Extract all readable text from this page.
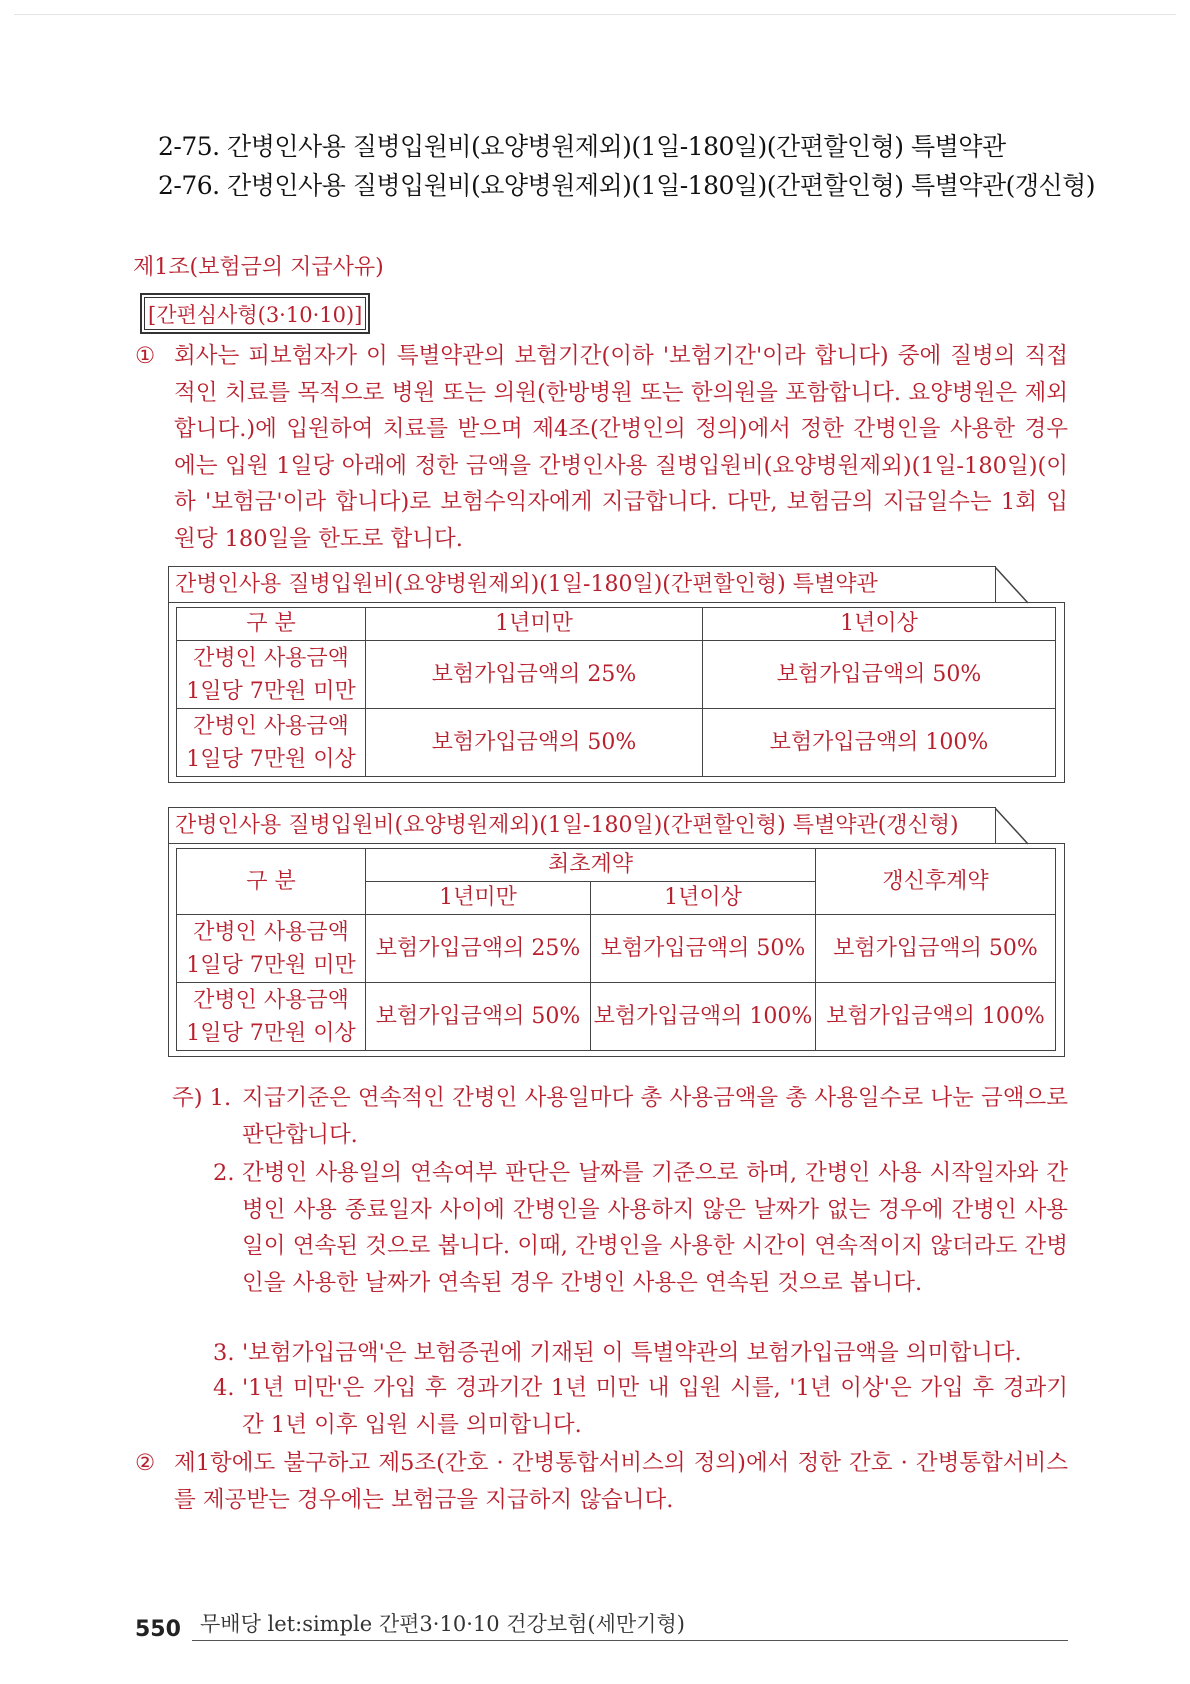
2-75. 간병인사용 질병입원비(요양병원제외)(1일-180일)(간편할인형) 특별약관
2-76. 간병인사용 질병입원비(요양병원제외)(1일-180일)(간편할인형) 특별약관(갱신형)
제1조(보험금의 지급사유)
[간편심사형(3·10·10)]
① 회사는 피보험자가 이 특별약관의 보험기간(이하 '보험기간'이라 합니다) 중에 질병의 직접적인 치료를 목적으로 병원 또는 의원(한방병원 또는 한의원을 포함합니다. 요양병원은 제외합니다.)에 입원하여 치료를 받으며 제4조(간병인의 정의)에서 정한 간병인을 사용한 경우에는 입원 1일당 아래에 정한 금액을 간병인사용 질병입원비(요양병원제외)(1일-180일)(이하 '보험금'이라 합니다)로 보험수익자에게 지급합니다. 다만, 보험금의 지급일수는 1회 입원당 180일을 한도로 합니다.
간병인사용 질병입원비(요양병원제외)(1일-180일)(간편할인형) 특별약관
구 분	1년미만	1년이상

간병인 사용금액
1일당 7만원 미만	보험가입금액의 25%	보험가입금액의 50%

간병인 사용금액
1일당 7만원 이상	보험가입금액의 50%	보험가입금액의 100%
간병인사용 질병입원비(요양병원제외)(1일-180일)(간편할인형) 특별약관(갱신형)
구 분	최초계약		갱신후계약
	1년미만	1년이상	

간병인 사용금액
1일당 7만원 미만	보험가입금액의 25%	보험가입금액의 50%	보험가입금액의 50%

간병인 사용금액
1일당 7만원 이상	보험가입금액의 50%	보험가입금액의 100%	보험가입금액의 100%
주) 1. 지급기준은 연속적인 간병인 사용일마다 총 사용금액을 총 사용일수로 나눈 금액으로 판단합니다.
2. 간병인 사용일의 연속여부 판단은 날짜를 기준으로 하며, 간병인 사용 시작일자와 간병인 사용 종료일자 사이에 간병인을 사용하지 않은 날짜가 없는 경우에 간병인 사용일이 연속된 것으로 봅니다. 이때, 간병인을 사용한 시간이 연속적이지 않더라도 간병인을 사용한 날짜가 연속된 경우 간병인 사용은 연속된 것으로 봅니다.
3. '보험가입금액'은 보험증권에 기재된 이 특별약관의 보험가입금액을 의미합니다.
4. '1년 미만'은 가입 후 경과기간 1년 미만 내 입원 시를, '1년 이상'은 가입 후 경과기간 1년 이후 입원 시를 의미합니다.
② 제1항에도 불구하고 제5조(간호 · 간병통합서비스의 정의)에서 정한 간호 · 간병통합서비스를 제공받는 경우에는 보험금을 지급하지 않습니다.
550 무배당 let:simple 간편3·10·10 건강보험(세만기형)
